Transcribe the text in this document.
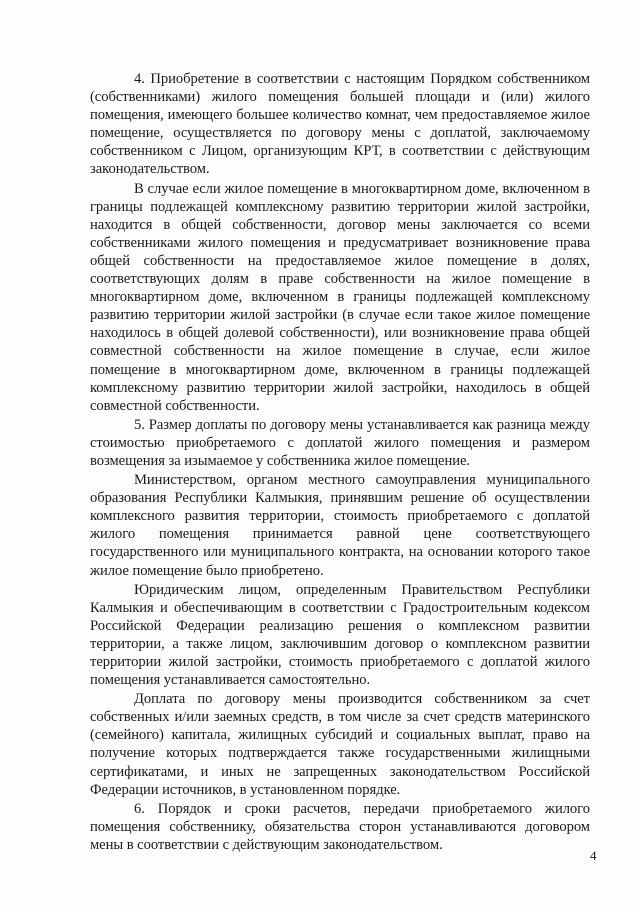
4. Приобретение в соответствии с настоящим Порядком собственником (собственниками) жилого помещения большей площади и (или) жилого помещения, имеющего большее количество комнат, чем предоставляемое жилое помещение, осуществляется по договору мены с доплатой, заключаемому собственником с Лицом, организующим КРТ, в соответствии с действующим законодательством.

В случае если жилое помещение в многоквартирном доме, включенном в границы подлежащей комплексному развитию территории жилой застройки, находится в общей собственности, договор мены заключается со всеми собственниками жилого помещения и предусматривает возникновение права общей собственности на предоставляемое жилое помещение в долях, соответствующих долям в праве собственности на жилое помещение в многоквартирном доме, включенном в границы подлежащей комплексному развитию территории жилой застройки (в случае если такое жилое помещение находилось в общей долевой собственности), или возникновение права общей совместной собственности на жилое помещение в случае, если жилое помещение в многоквартирном доме, включенном в границы подлежащей комплексному развитию территории жилой застройки, находилось в общей совместной собственности.

5. Размер доплаты по договору мены устанавливается как разница между стоимостью приобретаемого с доплатой жилого помещения и размером возмещения за изымаемое у собственника жилое помещение.

Министерством, органом местного самоуправления муниципального образования Республики Калмыкия, принявшим решение об осуществлении комплексного развития территории, стоимость приобретаемого с доплатой жилого помещения принимается равной цене соответствующего государственного или муниципального контракта, на основании которого такое жилое помещение было приобретено.

Юридическим лицом, определенным Правительством Республики Калмыкия и обеспечивающим в соответствии с Градостроительным кодексом Российской Федерации реализацию решения о комплексном развитии территории, а также лицом, заключившим договор о комплексном развитии территории жилой застройки, стоимость приобретаемого с доплатой жилого помещения устанавливается самостоятельно.

Доплата по договору мены производится собственником за счет собственных и/или заемных средств, в том числе за счет средств материнского (семейного) капитала, жилищных субсидий и социальных выплат, право на получение которых подтверждается также государственными жилищными сертификатами, и иных не запрещенных законодательством Российской Федерации источников, в установленном порядке.

6. Порядок и сроки расчетов, передачи приобретаемого жилого помещения собственнику, обязательства сторон устанавливаются договором мены в соответствии с действующим законодательством.

4
